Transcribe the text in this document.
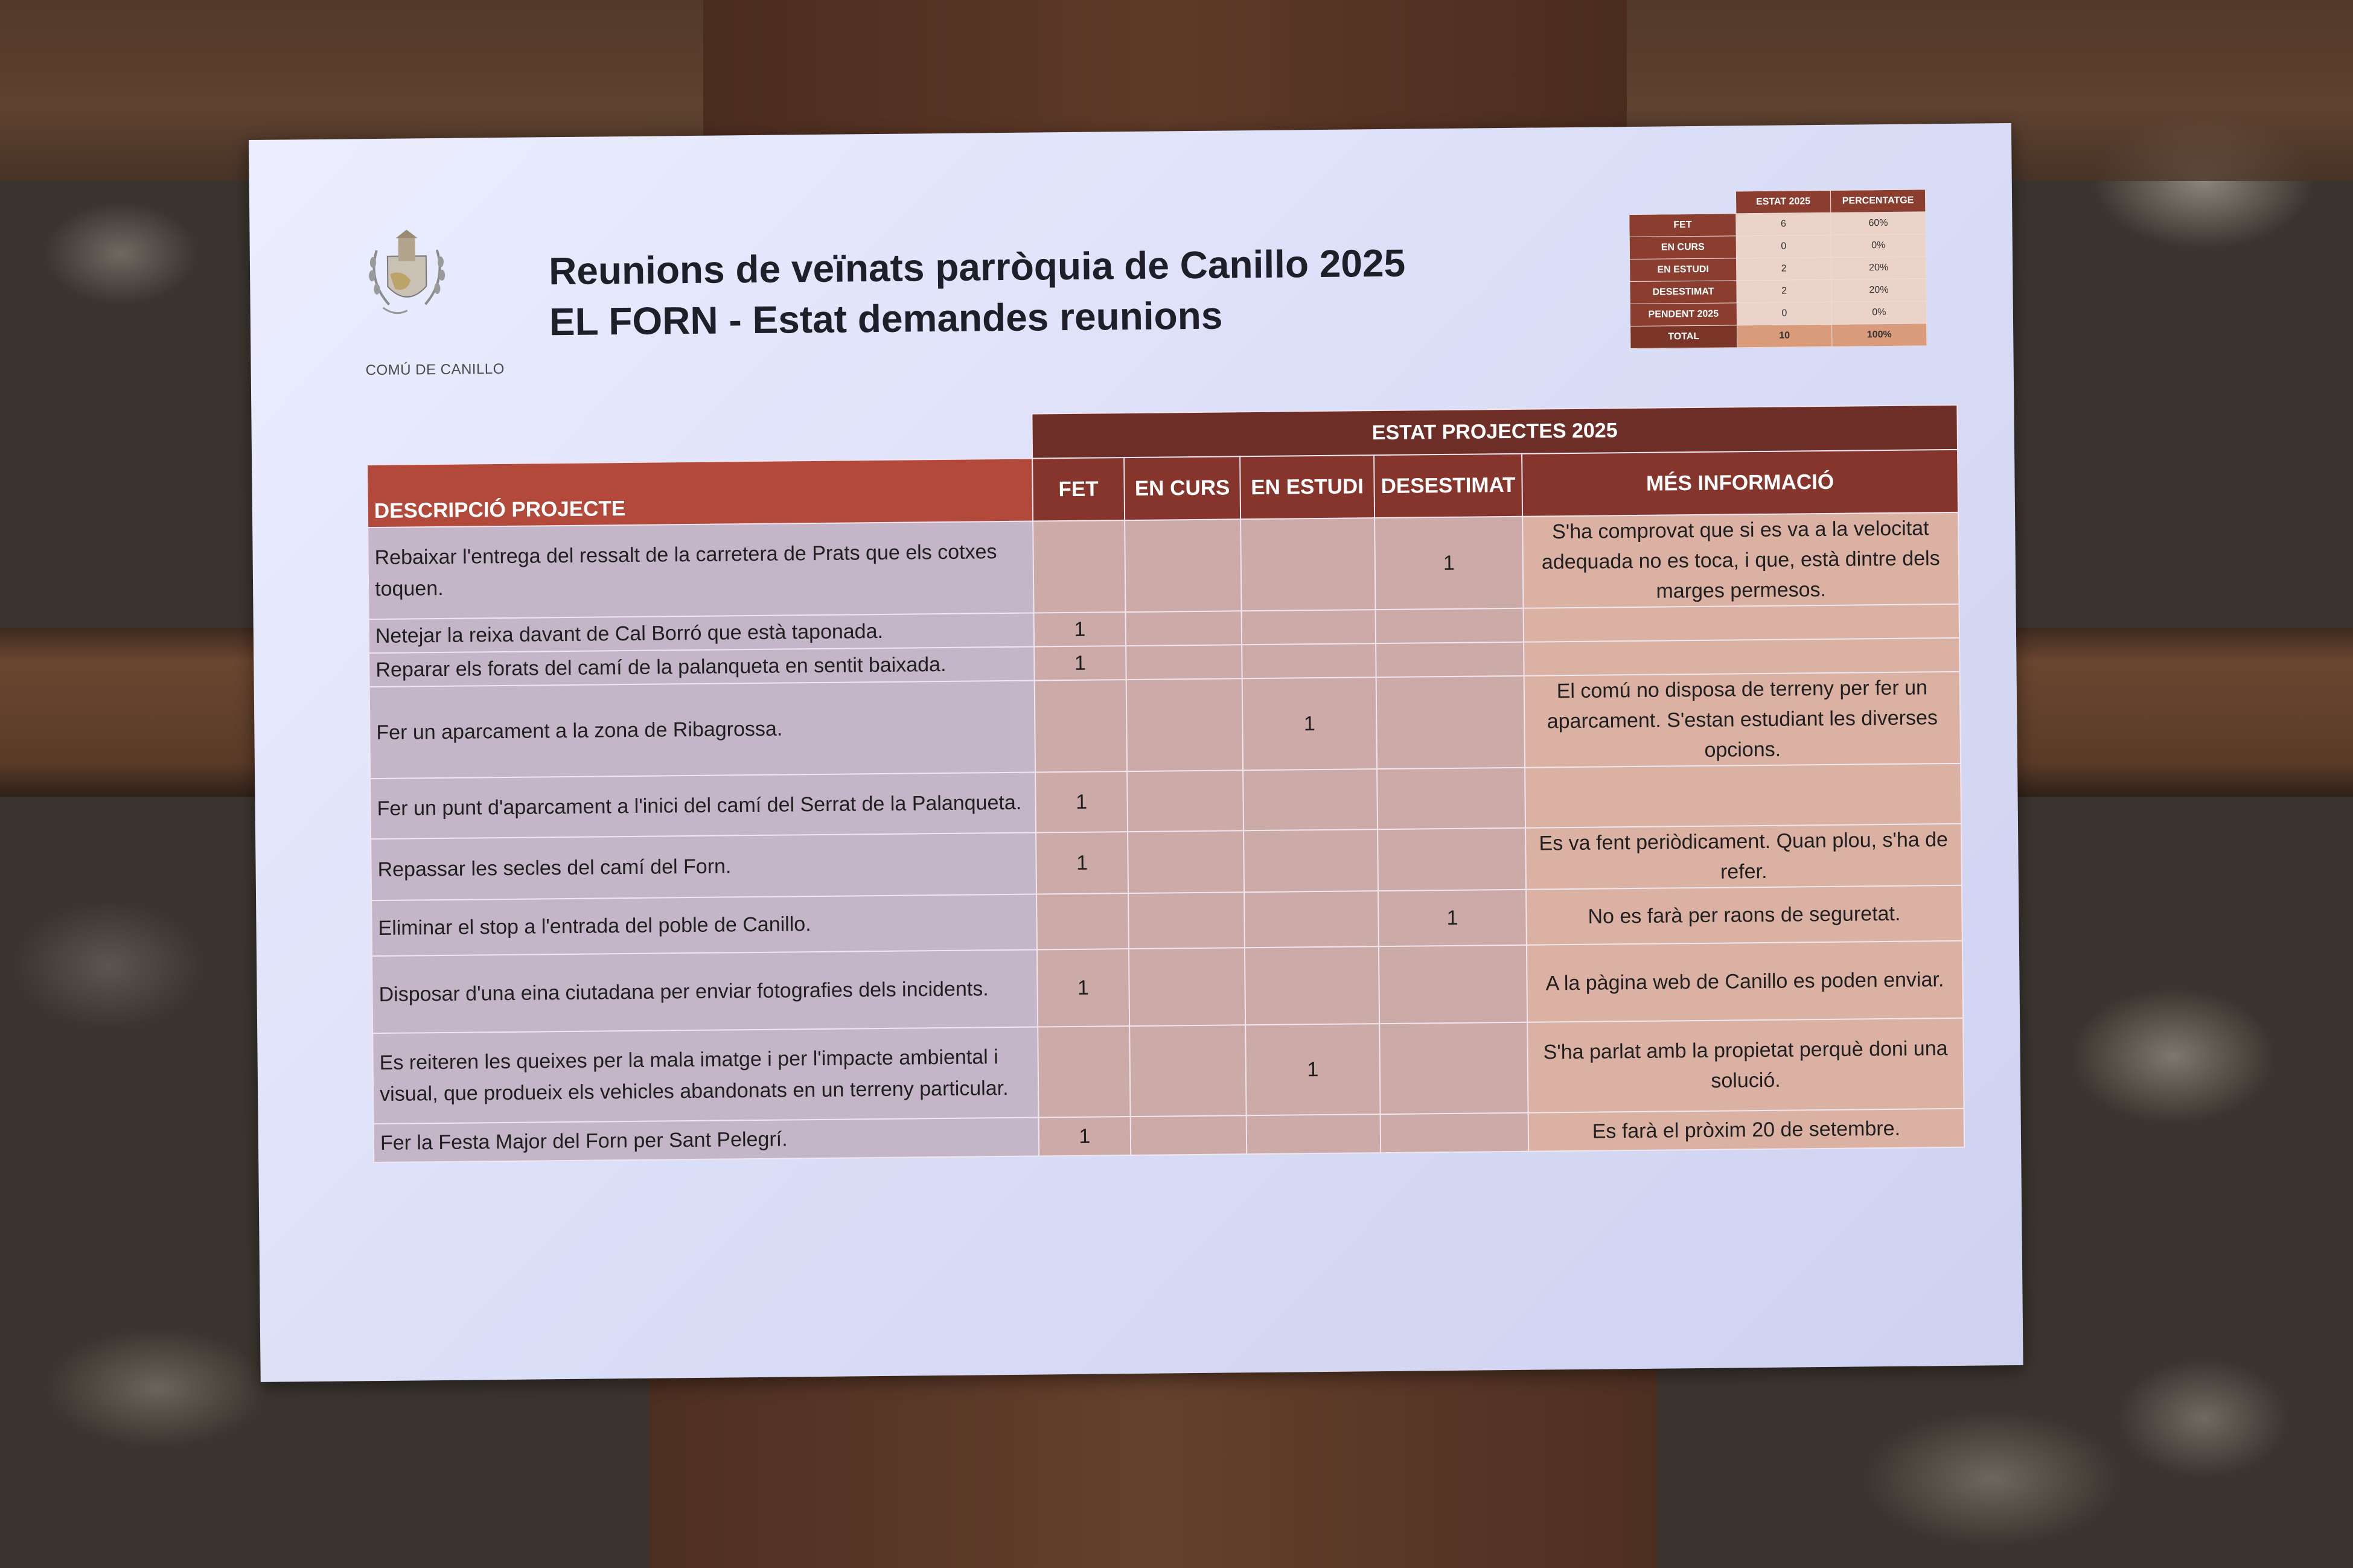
COMÚ DE CANILLO
Reunions de veïnats parròquia de Canillo 2025
EL FORN - Estat demandes reunions
	ESTAT 2025	PERCENTATGE
FET	6	60%
EN CURS	0	0%
EN ESTUDI	2	20%
DESESTIMAT	2	20%
PENDENT 2025	0	0%
TOTAL	10	100%
	ESTAT PROJECTES 2025				
DESCRIPCIÓ PROJECTE	FET	EN CURS	EN ESTUDI	DESESTIMAT	MÉS INFORMACIÓ
Rebaixar l'entrega del ressalt de la carretera de Prats que els cotxes toquen.				1	S'ha comprovat que si es va a la velocitat adequada no es toca, i que, està dintre dels marges permesos.
Netejar la reixa davant de Cal Borró que està taponada.	1				
Reparar els forats del camí de la palanqueta en sentit baixada.	1				
Fer un aparcament a la zona de Ribagrossa.			1		El comú no disposa de terreny per fer un aparcament. S'estan estudiant les diverses opcions.
Fer un punt d'aparcament a l'inici del camí del Serrat de la Palanqueta.	1				
Repassar les secles del camí del Forn.	1				Es va fent periòdicament. Quan plou, s'ha de refer.
Eliminar el stop a l'entrada del poble de Canillo.				1	No es farà per raons de seguretat.
Disposar d'una eina ciutadana per enviar fotografies dels incidents.	1				A la pàgina web de Canillo es poden enviar.
Es reiteren les queixes per la mala imatge i per l'impacte ambiental i visual, que produeix els vehicles abandonats en un terreny particular.			1		S'ha parlat amb la propietat perquè doni una solució.
Fer la Festa Major del Forn per Sant Pelegrí.	1				Es farà el pròxim 20 de setembre.
